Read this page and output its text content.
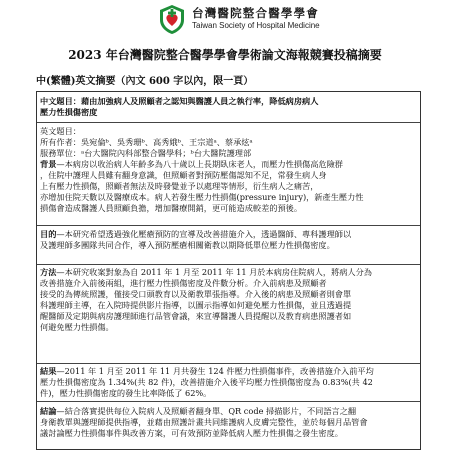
台灣醫院整合醫學學會
Taiwan Society of Hospital Medicine
2023 年台灣醫院整合醫學學會學術論文海報競賽投稿摘要
中(繁體)英文摘要（內文 600 字以內，限一頁）
中文題目：藉由加強病人及照顧者之認知與醫護人員之執行率，降低病房病人
壓力性損傷密度
英文題目：
所有作者：吳宛倫ᵇ、吳秀珊ᵇ、高秀娥ᵇ、王宗道ᵃ、蔡承炫ᵃ
服務單位：ᵃ台大醫院內科部整合醫學科；ᵇ台大醫院護理部
背景—本病房以收治病人年齡多為八十歲以上長期臥床老人，而壓力性損傷高危險群
，住院中護理人員雖有翻身意識，但照顧者對預防壓傷認知不足，常發生病人身
上有壓力性損傷，照顧者無法及時發覺並予以處理等情形，衍生病人之痛苦，
亦增加住院天數以及醫療成本。病人若發生壓力性損傷(pressure injury)，新產生壓力性
損傷會造成醫護人員照顧負擔，增加醫療開銷，更可能造成較差的預後。
目的—本研究希望透過強化壓瘡預防的宣導及改善措施介入，透過醫師、專科護理師以
及護理師多團隊共同合作，導入預防壓瘡相關衛教以期降低單位壓力性損傷密度。
方法—本研究收案對象為自 2011 年 1 月至 2011 年 11 月於本病房住院病人，將病人分為
改善措施介入前後兩組，進行壓力性損傷密度及件數分析。介入前病患及照顧者
接受的為傳統照護，僅接受口頭教育以及衛教單張指導。介入後的病患及照顧者則會單
科護理師主導，在入院時提供影片指導，以圖示指導如何避免壓力性損傷，並且透過提
醒醫師及定期與病房護理師進行品管會議，來宣導醫護人員提醒以及教育病患照護者如
何避免壓力性損傷。
結果—2011 年 1 月至 2011 年 11 月共發生 124 件壓力性損傷事件，改善措施介入前平均
壓力性損傷密度為 1.34%(共 82 件)，改善措施介入後平均壓力性損傷密度為 0.83%(共 42
件)，壓力性損傷密度的發生比率降低了 62%。
結論—結合落實提供每位入院病人及照顧者翻身單、QR code 掃描影片，不同語言之翻
身衛教單與護理師提供指導，並藉由照護計畫共同維護病人皮膚完整性，並於每個月品管會
議討論壓力性損傷事件與改善方案，可有效預防並降低病人壓力性損傷之發生密度。
